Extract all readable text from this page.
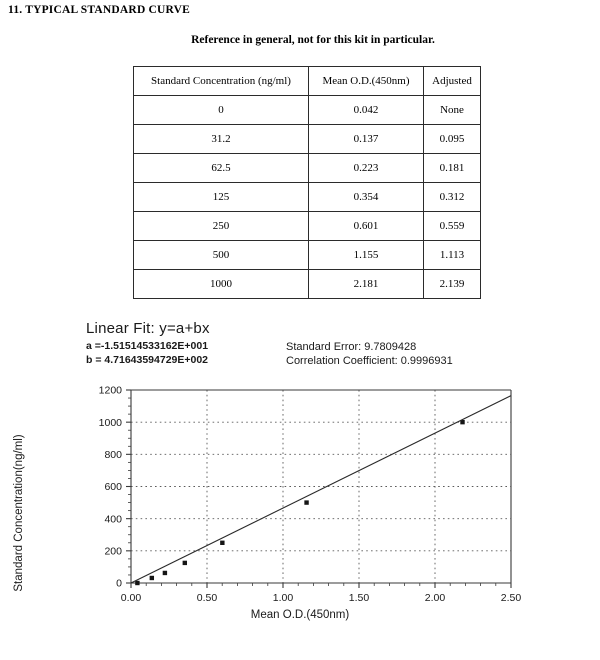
11. TYPICAL STANDARD CURVE
Reference in general, not for this kit in particular.
Standard Concentration (ng/ml)	Mean O.D.(450nm)	Adjusted
0	0.042	None
31.2	0.137	0.095
62.5	0.223	0.181
125	0.354	0.312
250	0.601	0.559
500	1.155	1.113
1000	2.181	2.139
Linear Fit: y=a+bx
a =-1.51514533162E+001
b = 4.71643594729E+002
Standard Error: 9.7809428
Correlation Coefficient: 0.9996931
0
200
400
600
800
1000
1200
0.00	0.50	1.00	1.50	2.00	2.50
Standard Concentration(ng/ml)
Mean O.D.(450nm)
